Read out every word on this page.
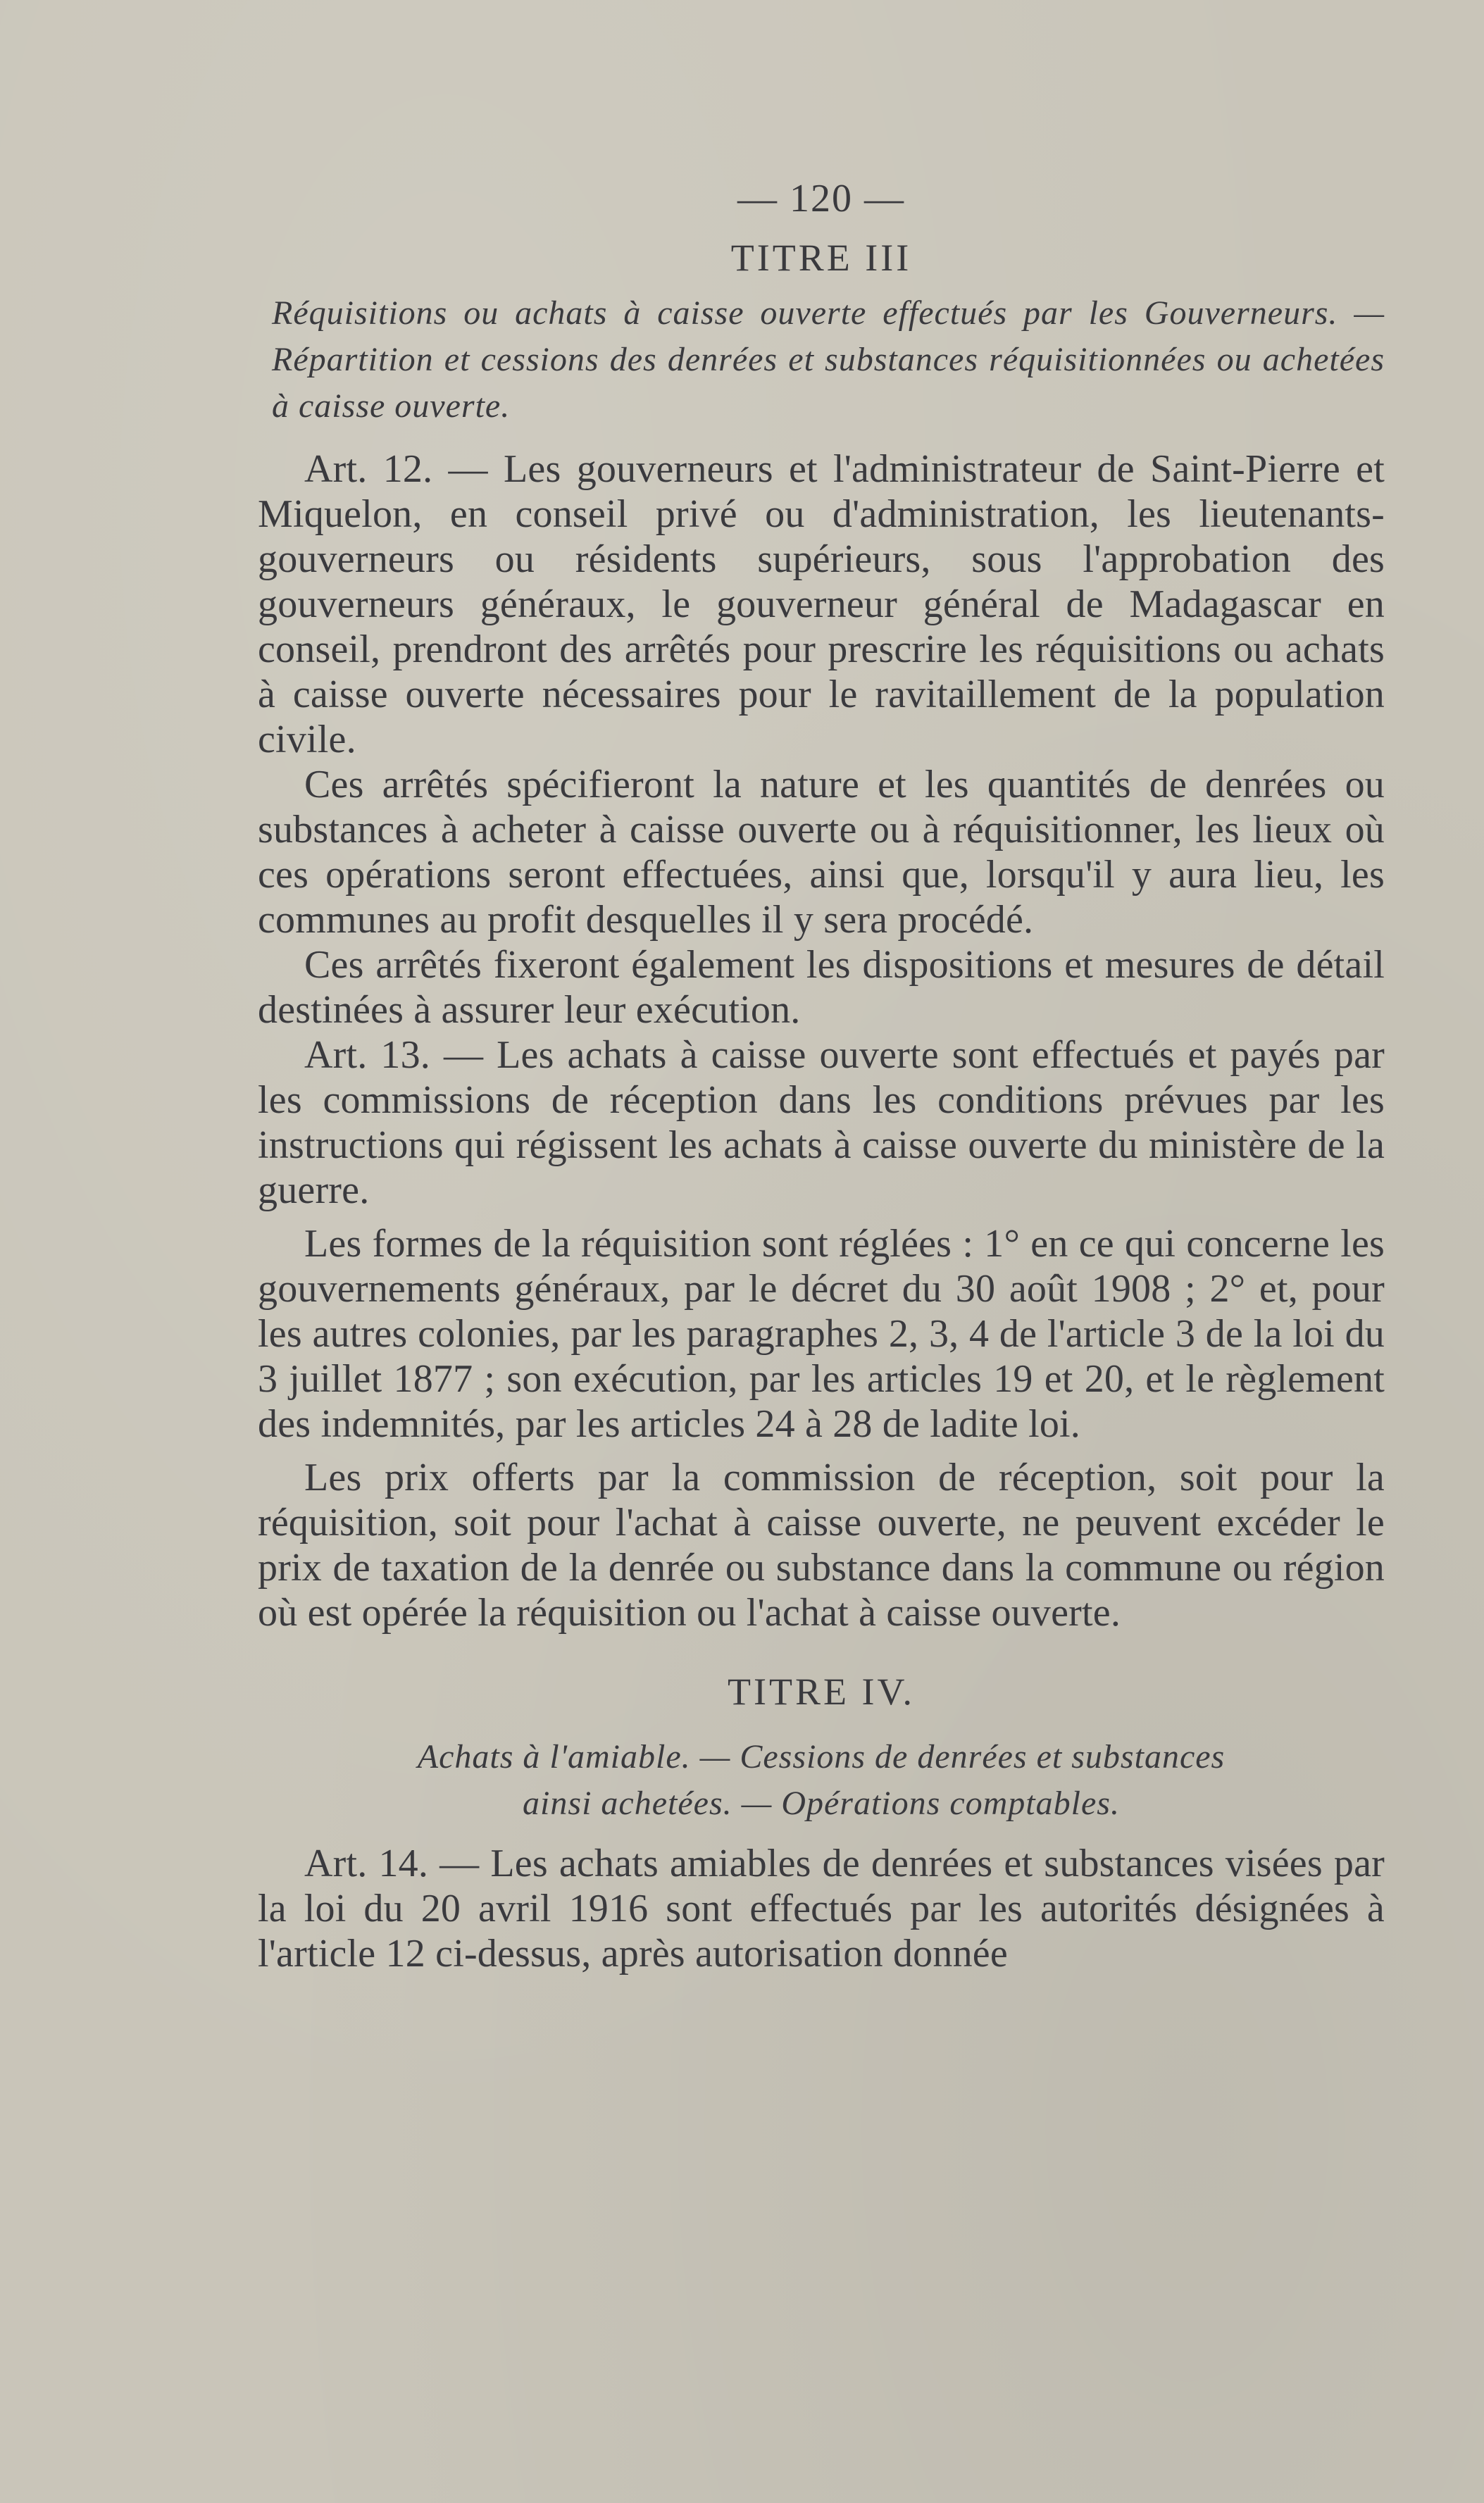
— 120 —

TITRE III

Réquisitions ou achats à caisse ouverte effectués par les Gouverneurs. — Répartition et cessions des denrées et substances réquisitionnées ou achetées à caisse ouverte.

Art. 12. — Les gouverneurs et l'administrateur de Saint-Pierre et Miquelon, en conseil privé ou d'administration, les lieutenants-gouverneurs ou résidents supérieurs, sous l'approbation des gouverneurs généraux, le gouverneur général de Madagascar en conseil, prendront des arrêtés pour prescrire les réquisitions ou achats à caisse ouverte nécessaires pour le ravitaillement de la population civile.

Ces arrêtés spécifieront la nature et les quantités de denrées ou substances à acheter à caisse ouverte ou à réquisitionner, les lieux où ces opérations seront effectuées, ainsi que, lorsqu'il y aura lieu, les communes au profit desquelles il y sera procédé.

Ces arrêtés fixeront également les dispositions et mesures de détail destinées à assurer leur exécution.

Art. 13. — Les achats à caisse ouverte sont effectués et payés par les commissions de réception dans les conditions prévues par les instructions qui régissent les achats à caisse ouverte du ministère de la guerre.

Les formes de la réquisition sont réglées : 1° en ce qui concerne les gouvernements généraux, par le décret du 30 août 1908 ; 2° et, pour les autres colonies, par les paragraphes 2, 3, 4 de l'article 3 de la loi du 3 juillet 1877 ; son exécution, par les articles 19 et 20, et le règlement des indemnités, par les articles 24 à 28 de ladite loi.

Les prix offerts par la commission de réception, soit pour la réquisition, soit pour l'achat à caisse ouverte, ne peuvent excéder le prix de taxation de la denrée ou substance dans la commune ou région où est opérée la réquisition ou l'achat à caisse ouverte.

TITRE IV.

Achats à l'amiable. — Cessions de denrées et substances
ainsi achetées. — Opérations comptables.

Art. 14. — Les achats amiables de denrées et substances visées par la loi du 20 avril 1916 sont effectués par les autorités désignées à l'article 12 ci-dessus, après autorisation donnée
